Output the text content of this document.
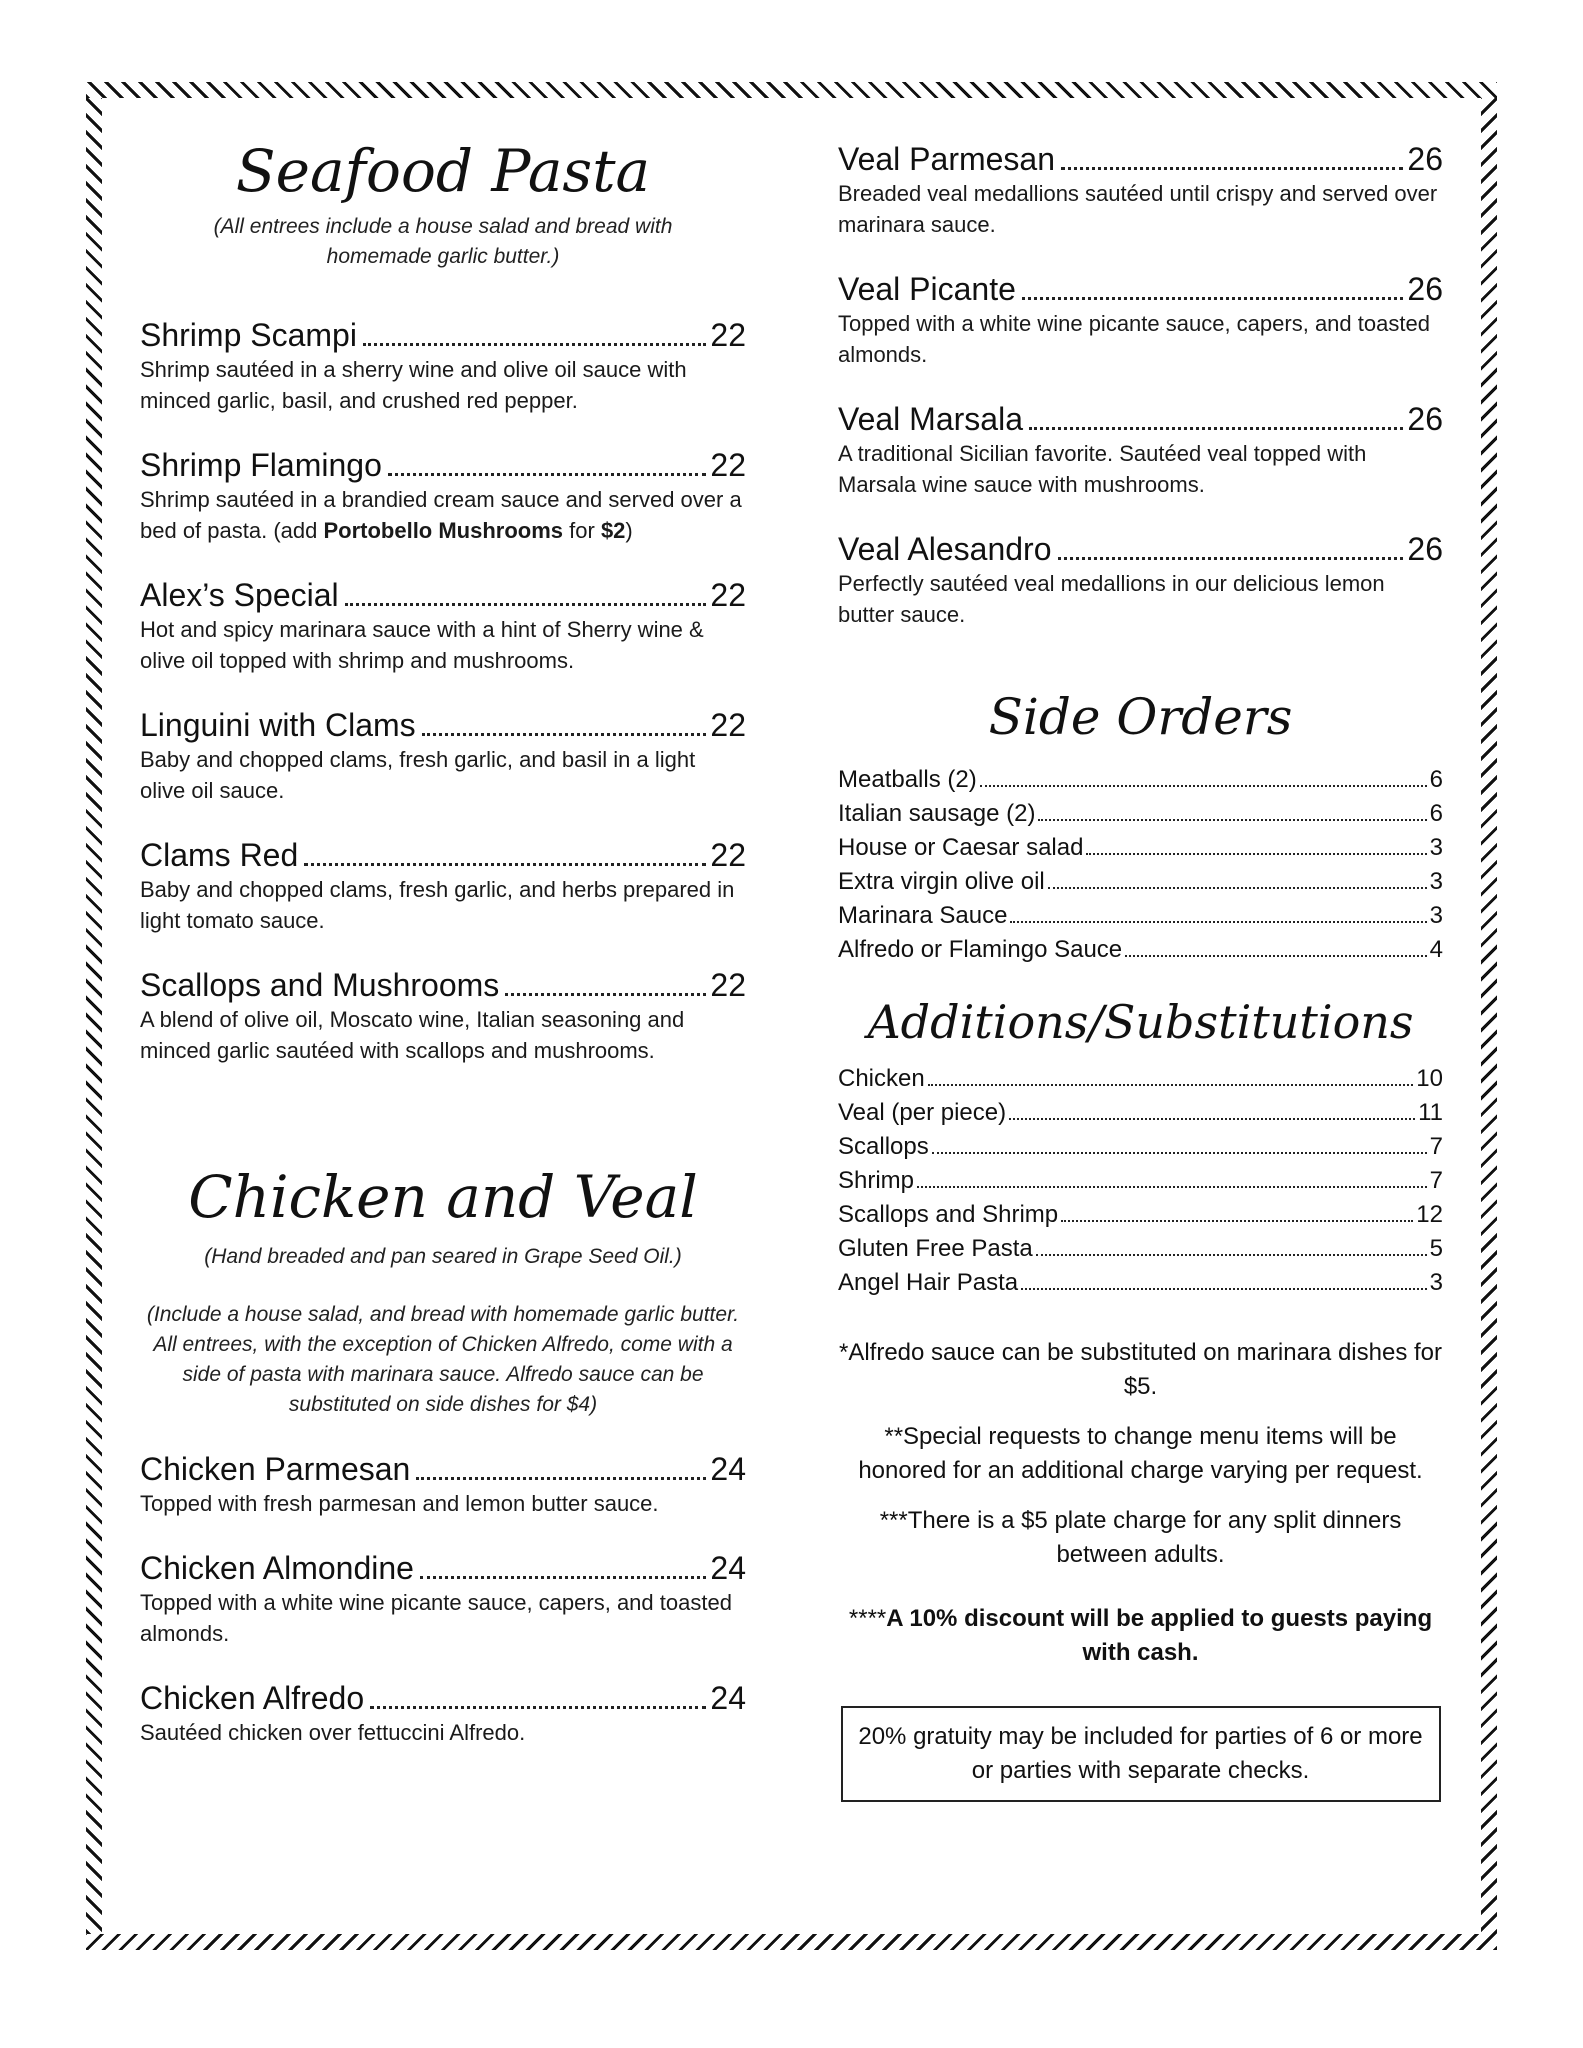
Seafood Pasta

(All entrees include a house salad and bread with homemade garlic butter.)

Shrimp Scampi	22
Shrimp sautéed in a sherry wine and olive oil sauce with minced garlic, basil, and crushed red pepper.
Shrimp Flamingo	22
Shrimp sautéed in a brandied cream sauce and served over a bed of pasta. (add Portobello Mushrooms for $2)
Alex’s Special	22
Hot and spicy marinara sauce with a hint of Sherry wine & olive oil topped with shrimp and mushrooms.
Linguini with Clams	22
Baby and chopped clams, fresh garlic, and basil in a light olive oil sauce.
Clams Red	22
Baby and chopped clams, fresh garlic, and herbs prepared in light tomato sauce.
Scallops and Mushrooms	22
A blend of olive oil, Moscato wine, Italian seasoning and minced garlic sautéed with scallops and mushrooms.
Chicken and Veal

(Hand breaded and pan seared in Grape Seed Oil.)

(Include a house salad, and bread with homemade garlic butter. All entrees, with the exception of Chicken Alfredo, come with a side of pasta with marinara sauce. Alfredo sauce can be substituted on side dishes for $4)

Chicken Parmesan	24
Topped with fresh parmesan and lemon butter sauce.
Chicken Almondine	24
Topped with a white wine picante sauce, capers, and toasted almonds.
Chicken Alfredo	24
Sautéed chicken over fettuccini Alfredo.
Veal Parmesan	26
Breaded veal medallions sautéed until crispy and served over marinara sauce.
Veal Picante	26
Topped with a white wine picante sauce, capers, and toasted almonds.
Veal Marsala	26
A traditional Sicilian favorite. Sautéed veal topped with Marsala wine sauce with mushrooms.
Veal Alesandro	26
Perfectly sautéed veal medallions in our delicious lemon butter sauce.
Side Orders
Meatballs (2)	6
Italian sausage (2)	6
House or Caesar salad	3
Extra virgin olive oil	3
Marinara Sauce	3
Alfredo or Flamingo Sauce	4
Additions/Substitutions
Chicken	10
Veal (per piece)	11
Scallops	7
Shrimp	7
Scallops and Shrimp	12
Gluten Free Pasta	5
Angel Hair Pasta	3

*Alfredo sauce can be substituted on marinara dishes for $5.

**Special requests to change menu items will be honored for an additional charge varying per request.

***There is a $5 plate charge for any split dinners between adults.

****A 10% discount will be applied to guests paying with cash.

20% gratuity may be included for parties of 6 or more or parties with separate checks.
